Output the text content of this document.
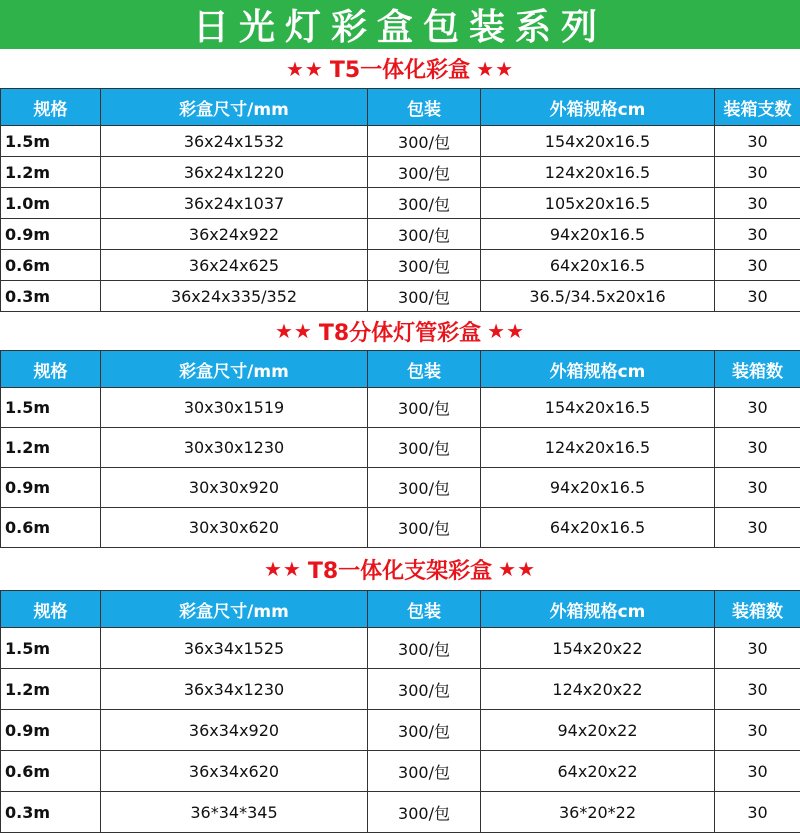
日光灯彩盒包装系列
★★ T5一体化彩盒 ★★
规格	彩盒尺寸/mm	包装	外箱规格cm	装箱支数
1.5m	36x24x1532	300/包	154x20x16.5	30
1.2m	36x24x1220	300/包	124x20x16.5	30
1.0m	36x24x1037	300/包	105x20x16.5	30
0.9m	36x24x922	300/包	94x20x16.5	30
0.6m	36x24x625	300/包	64x20x16.5	30
0.3m	36x24x335/352	300/包	36.5/34.5x20x16	30
★★ T8分体灯管彩盒 ★★
规格	彩盒尺寸/mm	包装	外箱规格cm	装箱数
1.5m	30x30x1519	300/包	154x20x16.5	30
1.2m	30x30x1230	300/包	124x20x16.5	30
0.9m	30x30x920	300/包	94x20x16.5	30
0.6m	30x30x620	300/包	64x20x16.5	30
★★ T8一体化支架彩盒 ★★
规格	彩盒尺寸/mm	包装	外箱规格cm	装箱数
1.5m	36x34x1525	300/包	154x20x22	30
1.2m	36x34x1230	300/包	124x20x22	30
0.9m	36x34x920	300/包	94x20x22	30
0.6m	36x34x620	300/包	64x20x22	30
0.3m	36*34*345	300/包	36*20*22	30
